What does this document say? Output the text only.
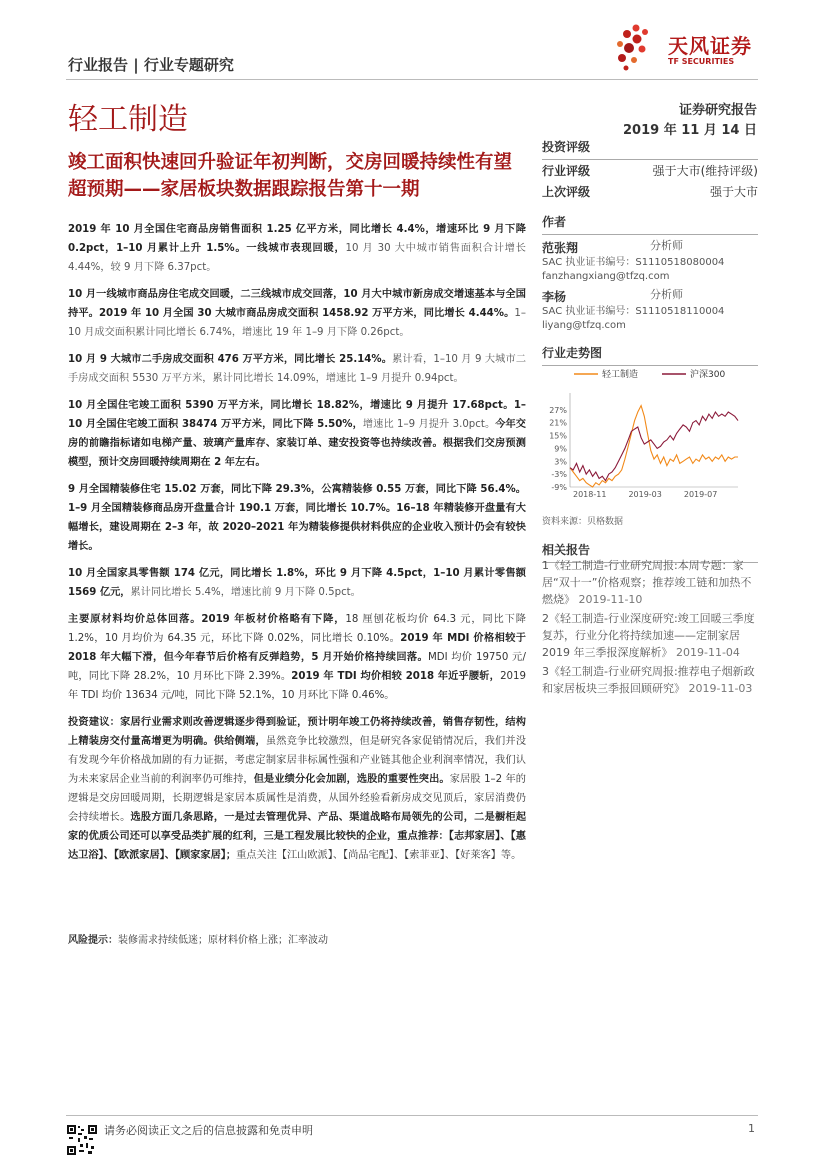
行业报告 | 行业专题研究
天风证券
TF SECURITIES
轻工制造	证券研究报告
2019 年 11 月 14 日
竣工面积快速回升验证年初判断，交房回暖持续性有望超预期——家居板块数据跟踪报告第十一期

2019 年 10 月全国住宅商品房销售面积 1.25 亿平方米，同比增长 4.4%，增速环比 9 月下降 0.2pct，1–10 月累计上升 1.5%。一线城市表现回暖，10 月 30 大中城市销售面积合计增长 4.44%，较 9 月下降 6.37pct。

10 月一线城市商品房住宅成交回暖，二三线城市成交回落，10 月大中城市新房成交增速基本与全国持平。2019 年 10 月全国 30 大城市商品房成交面积 1458.92 万平方米，同比增长 4.44%。1–10 月成交面积累计同比增长 6.74%，增速比 19 年 1–9 月下降 0.26pct。

10 月 9 大城市二手房成交面积 476 万平方米，同比增长 25.14%。累计看，1–10 月 9 大城市二手房成交面积 5530 万平方米，累计同比增长 14.09%，增速比 1–9 月提升 0.94pct。

10 月全国住宅竣工面积 5390 万平方米，同比增长 18.82%，增速比 9 月提升 17.68pct。1–10 月全国住宅竣工面积 38474 万平方米，同比下降 5.50%，增速比 1–9 月提升 3.0pct。今年交房的前瞻指标诸如电梯产量、玻璃产量库存、家装订单、建安投资等也持续改善。根据我们交房预测模型，预计交房回暖持续周期在 2 年左右。

9 月全国精装修住宅 15.02 万套，同比下降 29.3%，公寓精装修 0.55 万套，同比下降 56.4%。1–9 月全国精装修商品房开盘量合计 190.1 万套，同比增长 10.7%。16–18 年精装修开盘量有大幅增长，建设周期在 2–3 年，故 2020–2021 年为精装修提供材料供应的企业收入预计仍会有较快增长。

10 月全国家具零售额 174 亿元，同比增长 1.8%，环比 9 月下降 4.5pct，1–10 月累计零售额 1569 亿元，累计同比增长 5.4%，增速比前 9 月下降 0.5pct。

主要原材料均价总体回落。2019 年板材价格略有下降，18 厘刨花板均价 64.3 元，同比下降 1.2%，10 月均价为 64.35 元，环比下降 0.02%，同比增长 0.10%。2019 年 MDI 价格相较于 2018 年大幅下滑，但今年春节后价格有反弹趋势，5 月开始价格持续回落。MDI 均价 19750 元/吨，同比下降 28.2%，10 月环比下降 2.39%。2019 年 TDI 均价相较 2018 年近乎腰斩，2019 年 TDI 均价 13634 元/吨，同比下降 52.1%，10 月环比下降 0.46%。

投资建议：家居行业需求则改善逻辑逐步得到验证，预计明年竣工仍将持续改善，销售存韧性，结构上精装房交付量高增更为明确。供给侧端，虽然竞争比较激烈，但是研究各家促销情况后，我们并没有发现今年价格战加剧的有力证据，考虑定制家居非标属性强和产业链其他企业利润率情况，我们认为未来家居企业当前的利润率仍可维持，但是业绩分化会加剧，选股的重要性突出。家居股 1–2 年的逻辑是交房回暖周期，长期逻辑是家居本质属性是消费，从国外经验看新房成交见顶后，家居消费仍会持续增长。选股方面几条思路，一是过去管理优异、产品、渠道战略布局领先的公司，二是橱柜起家的优质公司还可以享受品类扩展的红利，三是工程发展比较快的企业，重点推荐：【志邦家居】、【惠达卫浴】、【欧派家居】、【顾家家居】；重点关注【江山欧派】、【尚品宅配】、【索菲亚】、【好莱客】等。

风险提示：装修需求持续低迷；原材料价格上涨；汇率波动
投资评级
行业评级	强于大市(维持评级)
上次评级	强于大市
作者
范张翔	分析师
SAC 执业证书编号：S1110518080004
fanzhangxiang@tfzq.com
李杨	分析师
SAC 执业证书编号：S1110518110004
liyang@tfzq.com
行业走势图
轻工制造	沪深300
27%
21%
15%
9%
3%
-3%
-9%
2018-11	2019-03	2019-07
资料来源：贝格数据
相关报告
1《轻工制造-行业研究周报:本周专题：家居“双十一”价格观察；推荐竣工链和加热不燃烧》 2019-11-10
2《轻工制造-行业深度研究:竣工回暖三季度复苏，行业分化将持续加速——定制家居 2019 年三季报深度解析》 2019-11-04
3《轻工制造-行业研究周报:推荐电子烟新政和家居板块三季报回顾研究》 2019-11-03
请务必阅读正文之后的信息披露和免责申明	1
